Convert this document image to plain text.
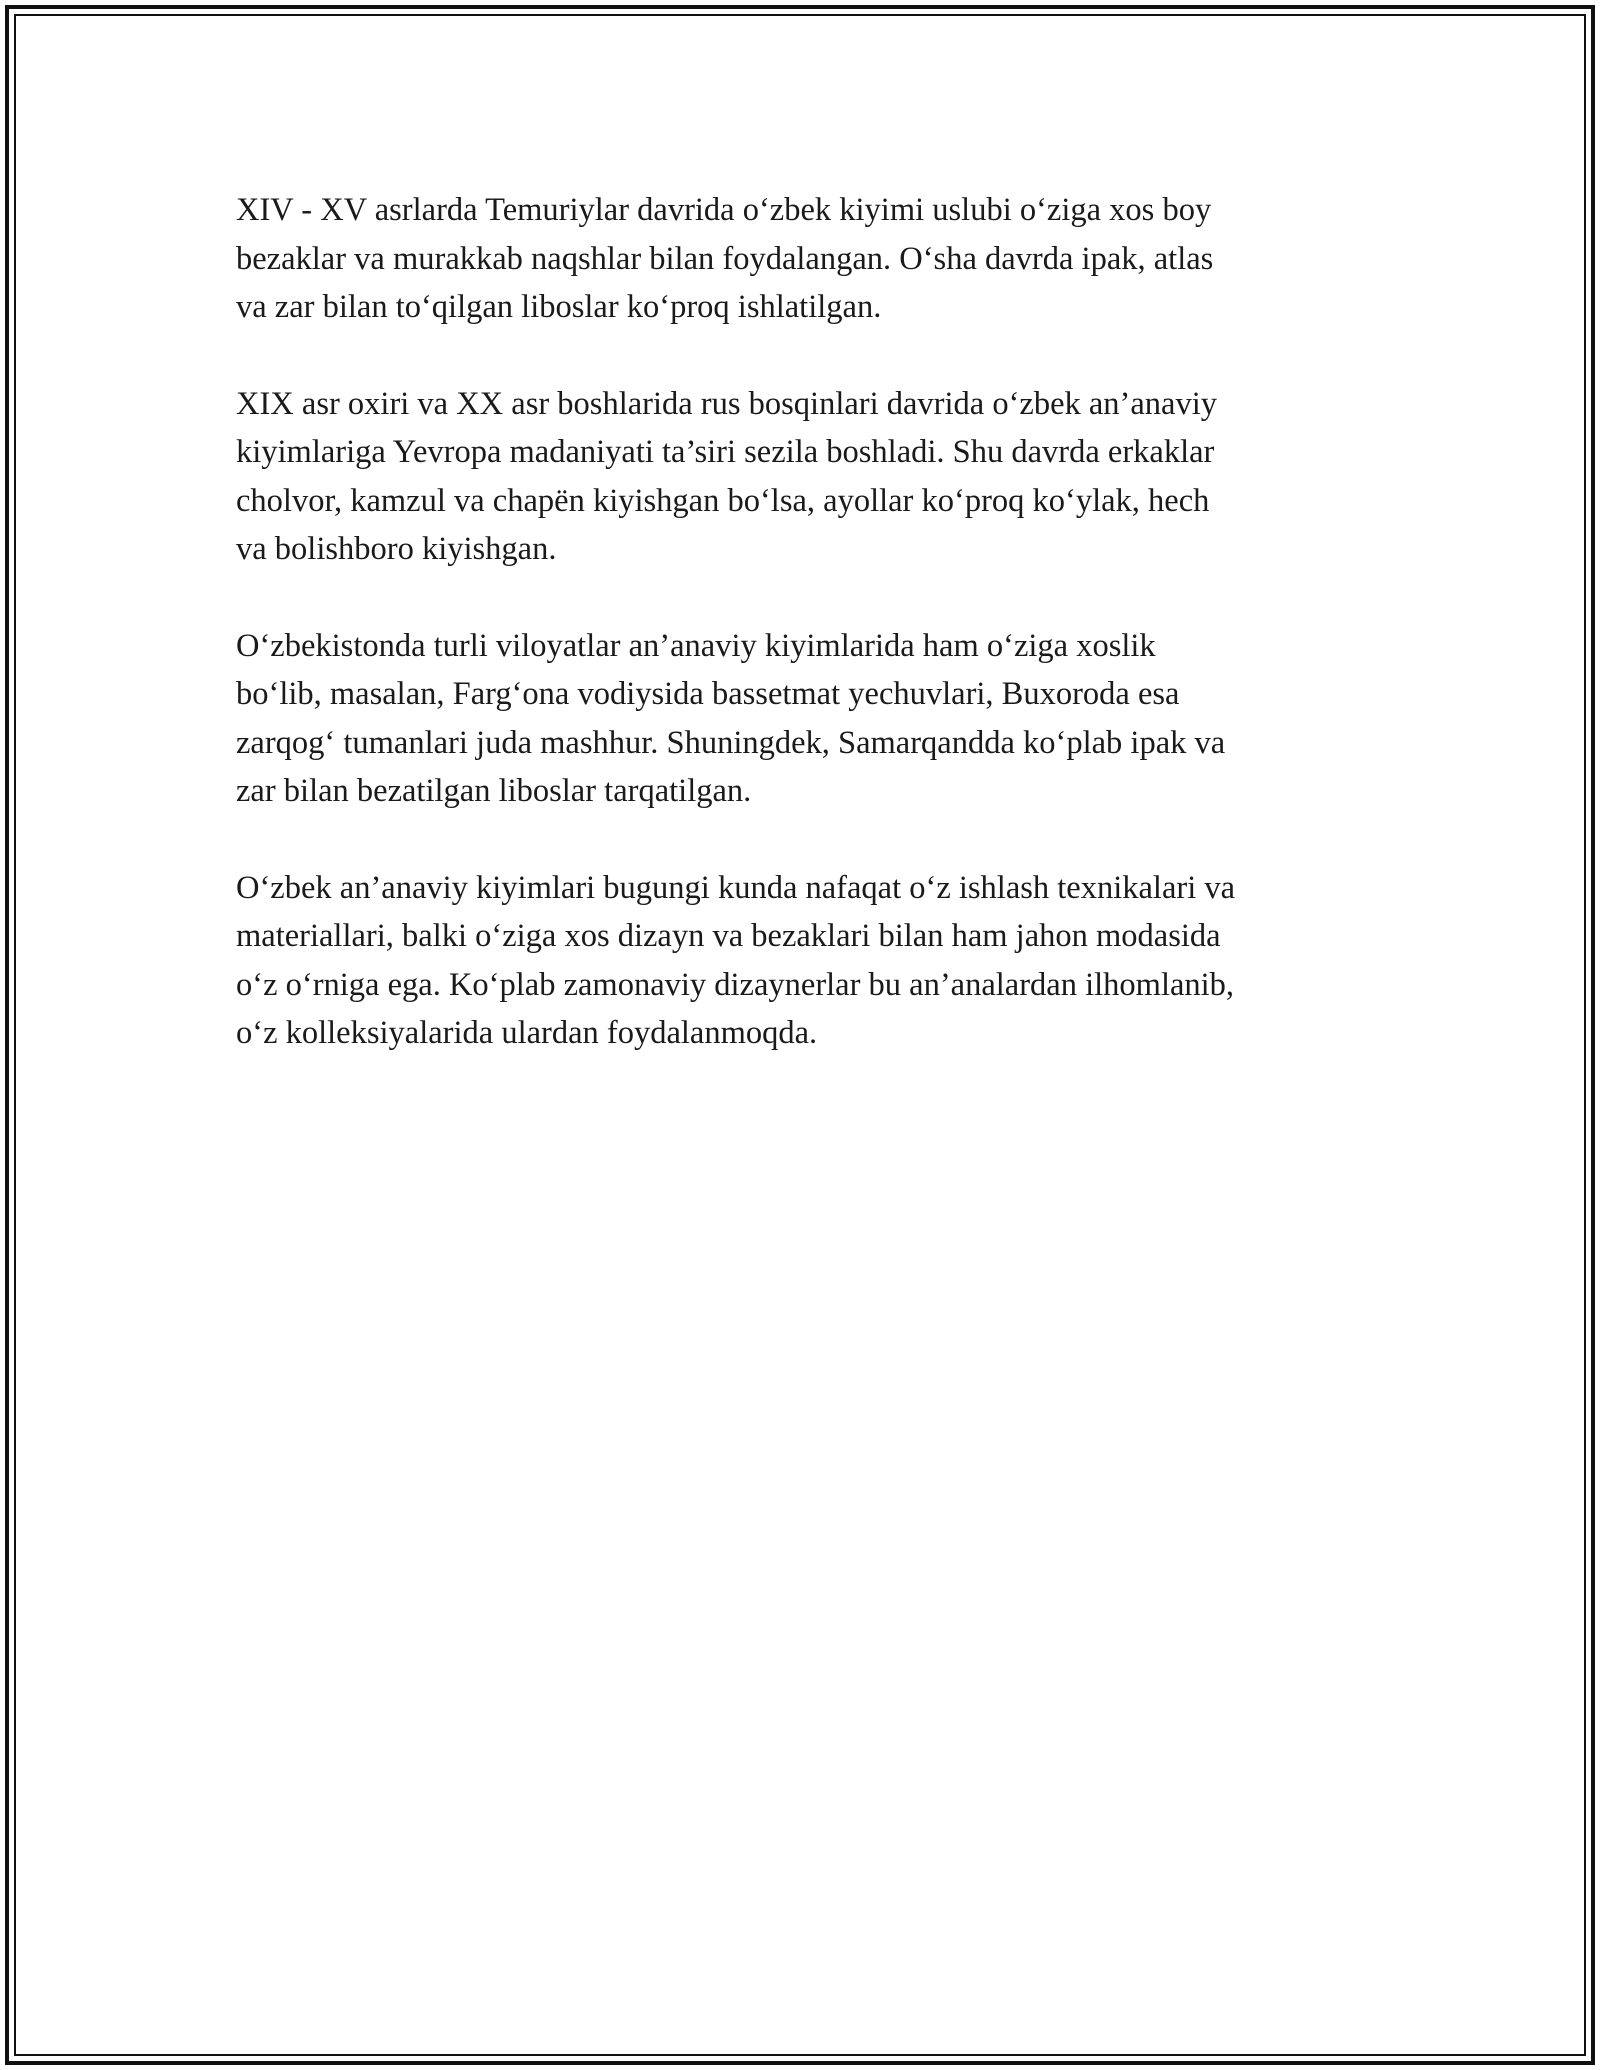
XIV - XV asrlarda Temuriylar davrida o‘zbek kiyimi uslubi o‘ziga xos boy
bezaklar va murakkab naqshlar bilan foydalangan. O‘sha davrda ipak, atlas
va zar bilan to‘qilgan liboslar ko‘proq ishlatilgan.

XIX asr oxiri va XX asr boshlarida rus bosqinlari davrida o‘zbek an’anaviy
kiyimlariga Yevropa madaniyati ta’siri sezila boshladi. Shu davrda erkaklar
cholvor, kamzul va chapёn kiyishgan bo‘lsa, ayollar ko‘proq ko‘ylak, hech
va bolishboro kiyishgan.

O‘zbekistonda turli viloyatlar an’anaviy kiyimlarida ham o‘ziga xoslik
bo‘lib, masalan, Farg‘ona vodiysida bassetmat yechuvlari, Buxoroda esa
zarqog‘ tumanlari juda mashhur. Shuningdek, Samarqandda ko‘plab ipak va
zar bilan bezatilgan liboslar tarqatilgan.

O‘zbek an’anaviy kiyimlari bugungi kunda nafaqat o‘z ishlash texnikalari va
materiallari, balki o‘ziga xos dizayn va bezaklari bilan ham jahon modasida
o‘z o‘rniga ega. Ko‘plab zamonaviy dizaynerlar bu an’analardan ilhomlanib,
o‘z kolleksiyalarida ulardan foydalanmoqda.
